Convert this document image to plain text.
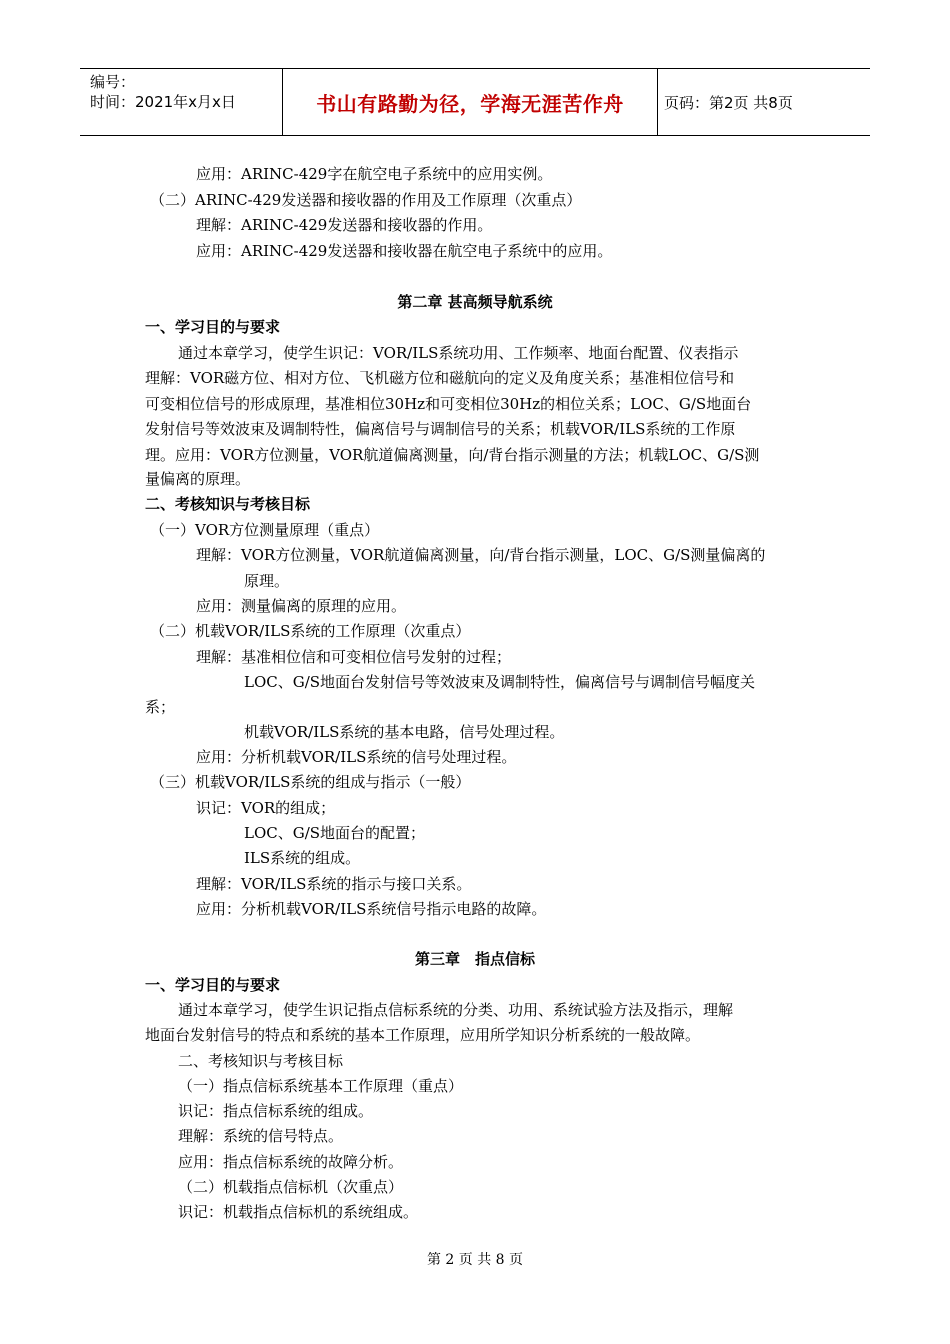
编号：
时间：2021年x月x日	书山有路勤为径，学海无涯苦作舟	页码：第2页 共8页
应用：ARINC-429字在航空电子系统中的应用实例。
（二）ARINC-429发送器和接收器的作用及工作原理（次重点）
理解：ARINC-429发送器和接收器的作用。
应用：ARINC-429发送器和接收器在航空电子系统中的应用。
第二章 甚高频导航系统
一、学习目的与要求
通过本章学习，使学生识记：VOR/ILS系统功用、工作频率、地面台配置、仪表指示
理解：VOR磁方位、相对方位、飞机磁方位和磁航向的定义及角度关系；基准相位信号和
可变相位信号的形成原理，基准相位30Hz和可变相位30Hz的相位关系；LOC、G/S地面台
发射信号等效波束及调制特性，偏离信号与调制信号的关系；机载VOR/ILS系统的工作原
理。应用：VOR方位测量，VOR航道偏离测量，向/背台指示测量的方法；机载LOC、G/S测
量偏离的原理。
二、考核知识与考核目标
（一）VOR方位测量原理（重点）
理解：VOR方位测量，VOR航道偏离测量，向/背台指示测量，LOC、G/S测量偏离的
原理。
应用：测量偏离的原理的应用。
（二）机载VOR/ILS系统的工作原理（次重点）
理解：基准相位信和可变相位信号发射的过程；
LOC、G/S地面台发射信号等效波束及调制特性，偏离信号与调制信号幅度关
系；
机载VOR/ILS系统的基本电路，信号处理过程。
应用：分析机载VOR/ILS系统的信号处理过程。
（三）机载VOR/ILS系统的组成与指示（一般）
识记：VOR的组成；
LOC、G/S地面台的配置；
ILS系统的组成。
理解：VOR/ILS系统的指示与接口关系。
应用：分析机载VOR/ILS系统信号指示电路的故障。
第三章　指点信标
一、学习目的与要求
通过本章学习，使学生识记指点信标系统的分类、功用、系统试验方法及指示，理解
地面台发射信号的特点和系统的基本工作原理，应用所学知识分析系统的一般故障。
二、考核知识与考核目标
（一）指点信标系统基本工作原理（重点）
识记：指点信标系统的组成。
理解：系统的信号特点。
应用：指点信标系统的故障分析。
（二）机载指点信标机（次重点）
识记：机载指点信标机的系统组成。
第 2 页 共 8 页
